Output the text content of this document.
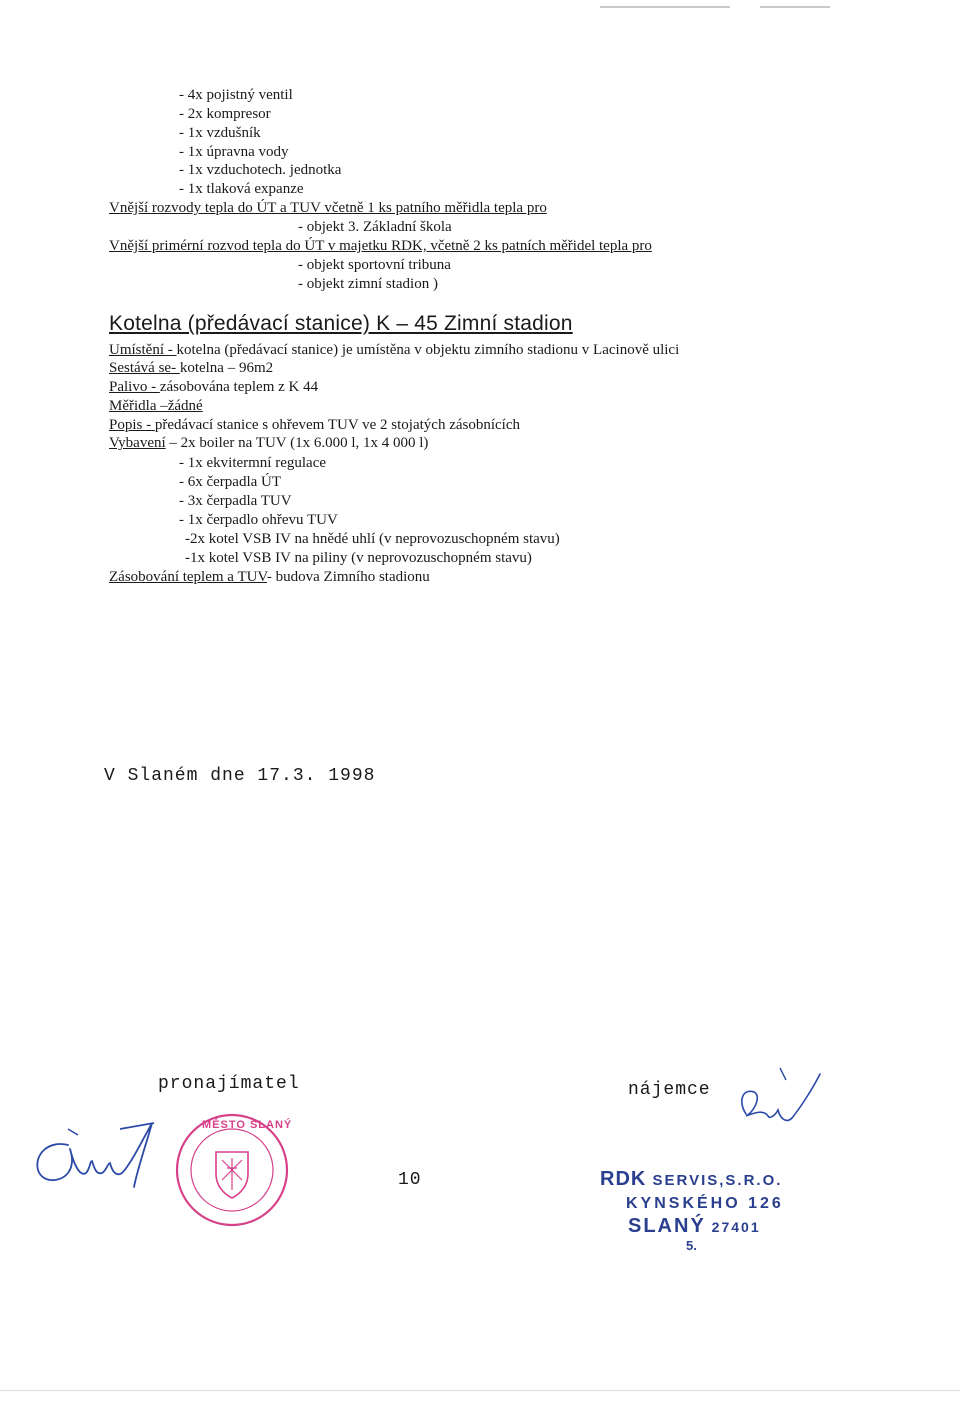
- 4x pojistný ventil
- 2x kompresor
- 1x vzdušník
- 1x úpravna vody
- 1x vzduchotech. jednotka
- 1x tlaková expanze
Vnější rozvody tepla do ÚT a TUV včetně 1 ks patního měřidla tepla pro
- objekt 3. Základní škola
Vnější primérní rozvod tepla do ÚT v majetku RDK, včetně 2 ks patních měřidel tepla pro
- objekt sportovní tribuna
- objekt zimní stadion )
Kotelna (předávací stanice) K – 45 Zimní stadion
Umístění - kotelna (předávací stanice) je umístěna v objektu zimního stadionu v Lacinově ulici
Sestává se- kotelna – 96m2
Palivo - zásobována teplem z K 44
Měřidla –žádné
Popis - předávací stanice s ohřevem TUV ve 2 stojatých zásobnících
Vybavení – 2x boiler na TUV (1x 6.000 l, 1x 4 000 l)
- 1x ekvitermní regulace
- 6x čerpadla ÚT
- 3x čerpadla TUV
- 1x čerpadlo ohřevu TUV
-2x kotel VSB IV na hnědé uhlí (v neprovozuschopném stavu)
-1x kotel VSB IV na piliny (v neprovozuschopném stavu)
Zásobování teplem a TUV- budova Zimního stadionu
V Slaném dne 17.3. 1998
pronajímatel	nájemce
10
MĚSTO SLANÝ
RDK SERVIS,S.R.O.
KYNSKÉHO 126
SLANÝ 27401
5.
